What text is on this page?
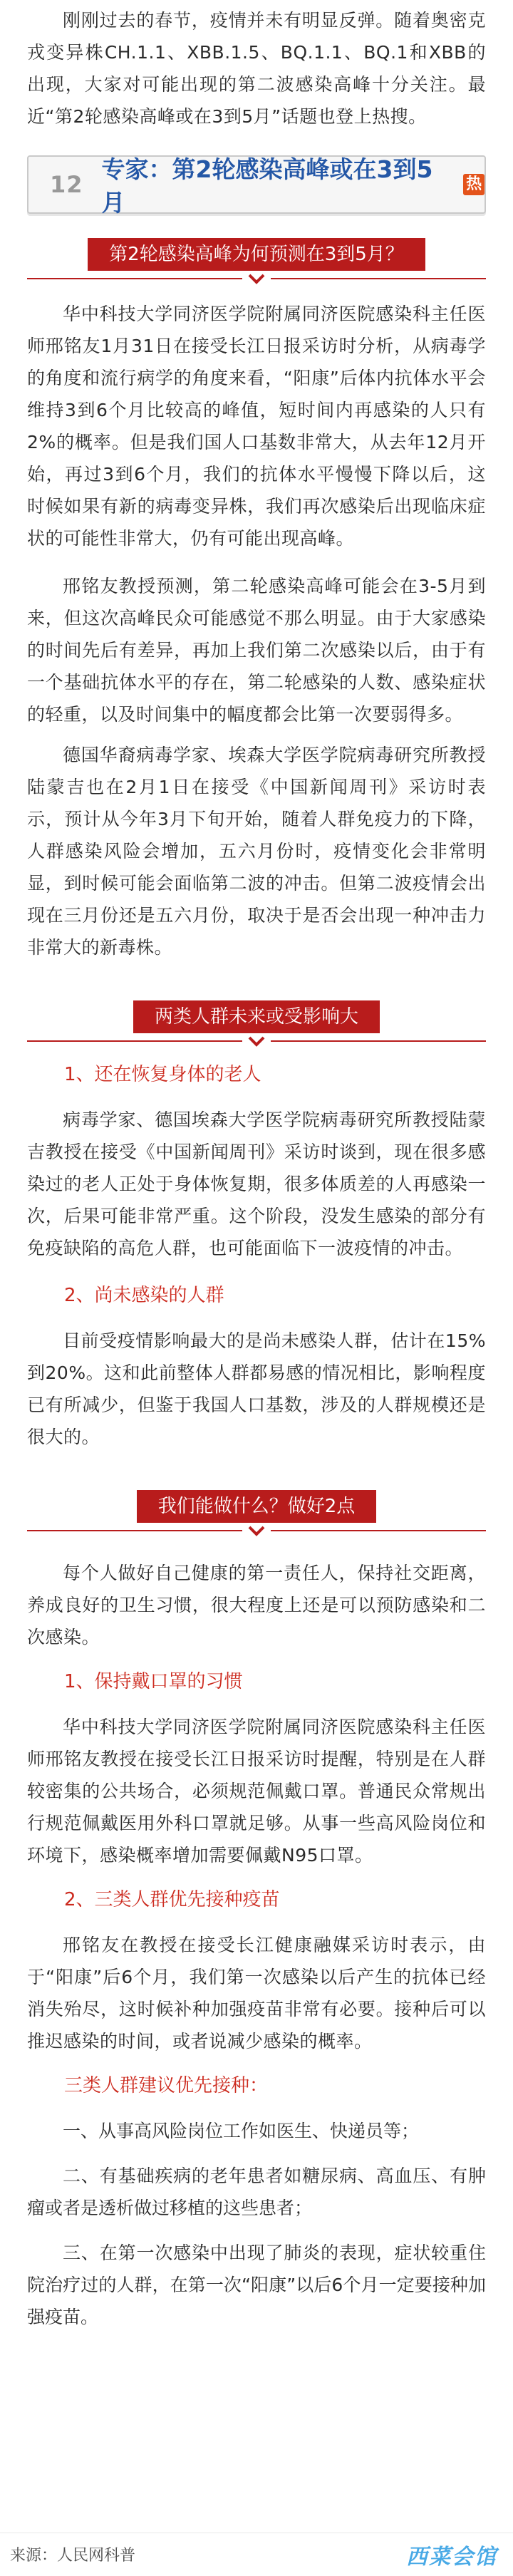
刚刚过去的春节，疫情并未有明显反弹。随着奥密克戎变异株CH.1.1、XBB.1.5、BQ.1.1、BQ.1和XBB的出现，大家对可能出现的第二波感染高峰十分关注。最近“第2轮感染高峰或在3到5月”话题也登上热搜。

12
专家：第2轮感染高峰或在3到5月
热
第2轮感染高峰为何预测在3到5月？

华中科技大学同济医学院附属同济医院感染科主任医师邢铭友1月31日在接受长江日报采访时分析，从病毒学的角度和流行病学的角度来看，“阳康”后体内抗体水平会维持3到6个月比较高的峰值，短时间内再感染的人只有2%的概率。但是我们国人口基数非常大，从去年12月开始，再过3到6个月，我们的抗体水平慢慢下降以后，这时候如果有新的病毒变异株，我们再次感染后出现临床症状的可能性非常大，仍有可能出现高峰。

邢铭友教授预测，第二轮感染高峰可能会在3-5月到来，但这次高峰民众可能感觉不那么明显。由于大家感染的时间先后有差异，再加上我们第二次感染以后，由于有一个基础抗体水平的存在，第二轮感染的人数、感染症状的轻重，以及时间集中的幅度都会比第一次要弱得多。

德国华裔病毒学家、埃森大学医学院病毒研究所教授陆蒙吉也在2月1日在接受《中国新闻周刊》采访时表示，预计从今年3月下旬开始，随着人群免疫力的下降，人群感染风险会增加，五六月份时，疫情变化会非常明显，到时候可能会面临第二波的冲击。但第二波疫情会出现在三月份还是五六月份，取决于是否会出现一种冲击力非常大的新毒株。

两类人群未来或受影响大

1、还在恢复身体的老人

病毒学家、德国埃森大学医学院病毒研究所教授陆蒙吉教授在接受《中国新闻周刊》采访时谈到，现在很多感染过的老人正处于身体恢复期，很多体质差的人再感染一次，后果可能非常严重。这个阶段，没发生感染的部分有免疫缺陷的高危人群，也可能面临下一波疫情的冲击。

2、尚未感染的人群

目前受疫情影响最大的是尚未感染人群，估计在15%到20%。这和此前整体人群都易感的情况相比，影响程度已有所减少，但鉴于我国人口基数，涉及的人群规模还是很大的。

我们能做什么？做好2点

每个人做好自己健康的第一责任人，保持社交距离，养成良好的卫生习惯，很大程度上还是可以预防感染和二次感染。

1、保持戴口罩的习惯

华中科技大学同济医学院附属同济医院感染科主任医师邢铭友教授在接受长江日报采访时提醒，特别是在人群较密集的公共场合，必须规范佩戴口罩。普通民众常规出行规范佩戴医用外科口罩就足够。从事一些高风险岗位和环境下，感染概率增加需要佩戴N95口罩。

2、三类人群优先接种疫苗

邢铭友在教授在接受长江健康融媒采访时表示，由于“阳康”后6个月，我们第一次感染以后产生的抗体已经消失殆尽，这时候补种加强疫苗非常有必要。接种后可以推迟感染的时间，或者说减少感染的概率。

三类人群建议优先接种：

一、从事高风险岗位工作如医生、快递员等；

二、有基础疾病的老年患者如糖尿病、高血压、有肿瘤或者是透析做过移植的这些患者；

三、在第一次感染中出现了肺炎的表现，症状较重住院治疗过的人群，在第一次“阳康”以后6个月一定要接种加强疫苗。

来源：人民网科普	西菜会馆
